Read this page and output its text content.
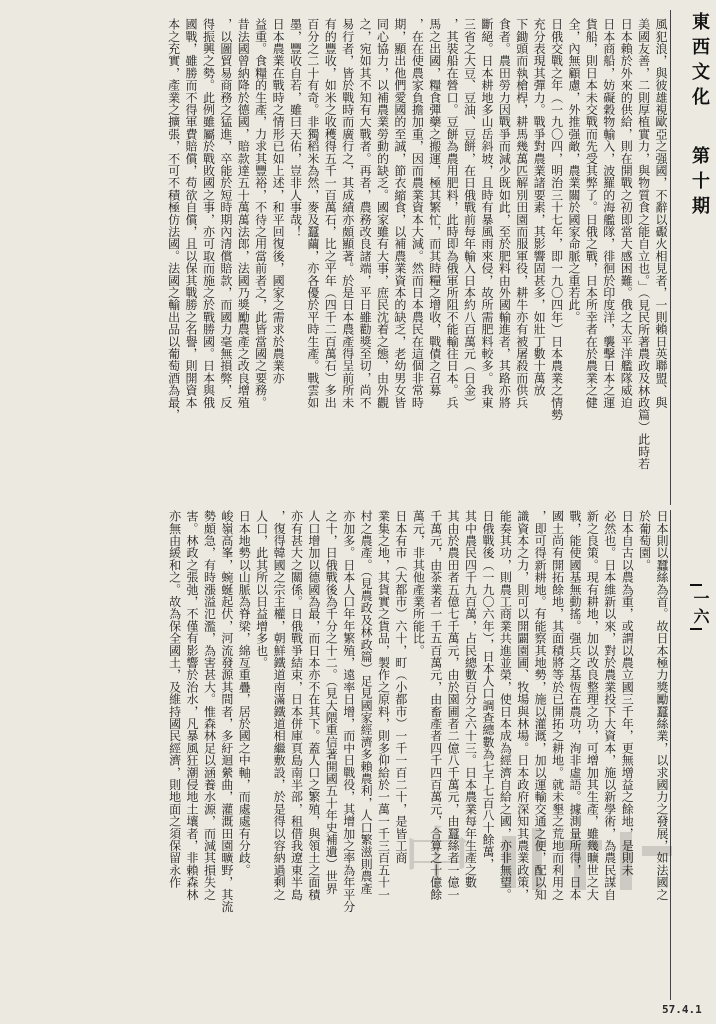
東西文化第十期
一六

風犯浪，與彼雄視歐亞之强國，不辭以礟火相見者，一則賴日英聯盟、與

美國友善，二則厚植實力，與物質食之能自立也。」（見民所著農政及林政篇）此時若

日本賴於外來的供給，則在開戰之初即當大感困難。俄之太平洋艦隊威迫

日本商船，妨礙穀物輸入，波羅的海艦隊，徘徊於印度洋，襲擊日本之運

貨船，則日本未交戰而先受其弊了。日俄之戰，日本所幸者在於農業之健

全，內無顧慮，外推强敵，農業關於國家命脈之重若此。

日俄交戰之年（一九〇四，明治三十七年，即一九〇四年）日本農業之情勢

充分表現其彈力。戰爭對農業諸要素，其影響固甚多，如壯丁數十萬放

下鋤頭而執槍桿，耕馬幾萬匹解別田園而服軍役，耕牛亦有被屠殺而供兵

食者。農田勞力因戰爭而減少既如此，至於肥料由外國輸進者，其路亦將

斷絕。日本耕地多山岳斜坡，且時有暴風雨來侵，故所需肥料較多。我東

三省之大豆、豆油、豆餅，在日俄戰前每年輸入日本約八百萬元（日金）

，其裝船在營口。豆餅為農用肥料，此時即為俄軍所阻不能輸往日本。兵

馬之出國，糧食彈藥之搬運，極其繁忙，而其時糧之增收，戰債之召募

，在在使農家負擔加重，因而農業資本大減。然而日本農民在這個非常時

期，顯出他們愛國的至誠，節衣縮食，以補農業資本的缺乏，老幼男女皆

同心協力，以補農業勞動的缺乏。國家雖有大事，庶民沈着之態，由外觀

之，宛如其不知有大戰者。再者，農務改良諸端，平日雖勸獎至切，尚不

易行者，皆於戰時而廣行之，其成績亦頗顯著。於是日本農產得呈前所未

有的豐收，如米之收穫得五千一百萬石，比之平年（四千二百萬石）多出

百分之二十有奇。非獨稻米為然，麥及蠶繭，亦各優於平時生產。戰雲如

墨，豐收自若，雖曰天佑，豈非人事哉！

日本農業在戰時之情形已如上述，和平回復後，國家之需求於農業亦

益重。食糧的生產，力求其豐裕，不待之用當前者之，此皆當國之要務。

昔法國曾納降於德國，賠款達五十萬萬法郎，法國乃獎勵農產之改良增殖

，以圖貿易商務之猛進，卒能於短時期內清償賠款，而國力毫無損弊，反

得振興之勢。此例雖屬於戰敗國之事，亦可取而施之於戰勝國。日本與俄

國戰，雖勝而不得軍費賠償，苟欲自償，且以保其戰勝之名譽，則開資本

本之充實，產業之擴張，不可不積極仿法國。法國之輸出品以葡萄酒為最，

日本則以蠶絲為首。故日本極力獎勵蠶絲業，以求國力之發展，如法國之

於葡萄園。

日本自古以農為重，或謂以農立國三千年，更無增益之餘地，是則未

必然也。日本維新以來，對於農業投下大資本，施以新學術，為農民謀自

新之良策。現有耕地，加以改良整理之功，可增加其生產，雖幾曠世之大

戰，能使國基無動搖。强兵之基恆在農功，洵非虛語。據測量所得，日本

國土尚有開拓餘地，其面積將等於已開拓之耕地。就未墾之荒地而利用之

，即可得新耕地。有能察其地勢，施以灌溉，加以運輸交通之便，配以知

識資本之力，則可以開闢園圃、牧場與林場。日本政府深知其農業政策，

能奏其功，則農工商業共進並榮，使日本成為經濟自給之國，亦非無望。

日俄戰後（一九〇六年），日本人口調查總數為七千七百八十餘萬，

其中農民四千九百萬，占民總數百分之六十三。日本農業每年生產之數

其由於農田者五億七千萬元，由於園圃者二億八千萬元，由蠶絲者一億一

千萬元，由茶業者一千五百萬元，由畜產者四千四百萬元，合算之十億餘

萬元，非其他產業所能比。

日本有市（大都市）六十，町（小都市）一千一百二十，是皆工商

業集之地，其貨實之貨品，製作之原料，則多仰給於一萬一千三百五十一

村之農產。（見農政及林政篇）足見國家經濟多賴農利，人口繁滋則農產

亦加多。日本人口年年繁殖，遠率日增，而中日戰役，其增加之率為年平分

之十，日俄戰後為千分之十二。（見大隈重信著開國五十年史補遺）世界

人口增加以德國為最，而日本亦不在其下。蓋人口之繁殖，與領土之面積

亦有甚大之關係。日俄戰爭結束，日本併庫頁島南半部，租借我遼東半島

，復得韓國之宗主權，朝鮮鐵道南滿鐵道相繼敷設，於是得以容納過剩之

人口，此其所以日益增多也。

日本地勢以山脈為脊梁，綿亙重疊，居於國之中軸，而處處有分歧。

峻嶺高峯，蜿蜒起伏，河流發源其間者，多紆迴縈曲，灌溉田園曠野，其流

勢頗急，有時漲溢氾濫，為害甚大。惟森林足以涵養水源，而減其損失之

害。林政之張弛，不僅有影響於治水，凡暴風狂潮侵地土壤者，非賴森林

亦無由緩和之。故為保全國土，及維持國民經濟，則地面之須保留永作	中
57.4.1
